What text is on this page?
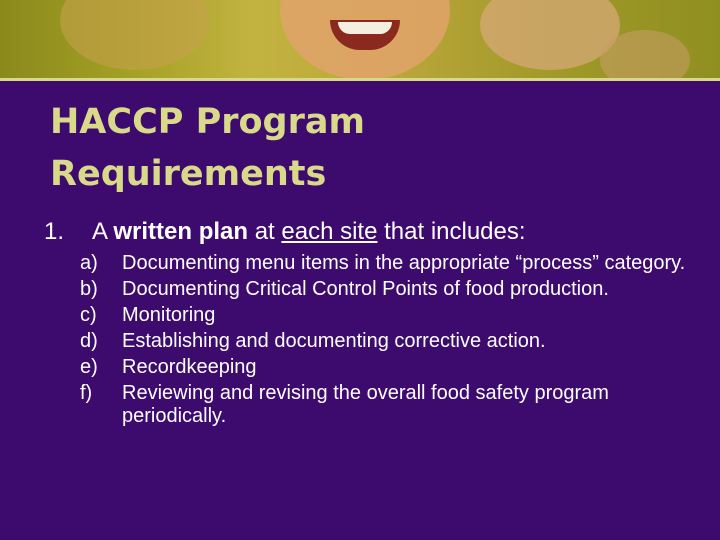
HACCP Program
Requirements
1. A written plan at each site that includes:
a)	Documenting menu items in the appropriate “process” category.
b)	Documenting Critical Control Points of food production.
c)	Monitoring
d)	Establishing and documenting corrective action.
e)	Recordkeeping
f)	Reviewing and revising the overall food safety program periodically.
